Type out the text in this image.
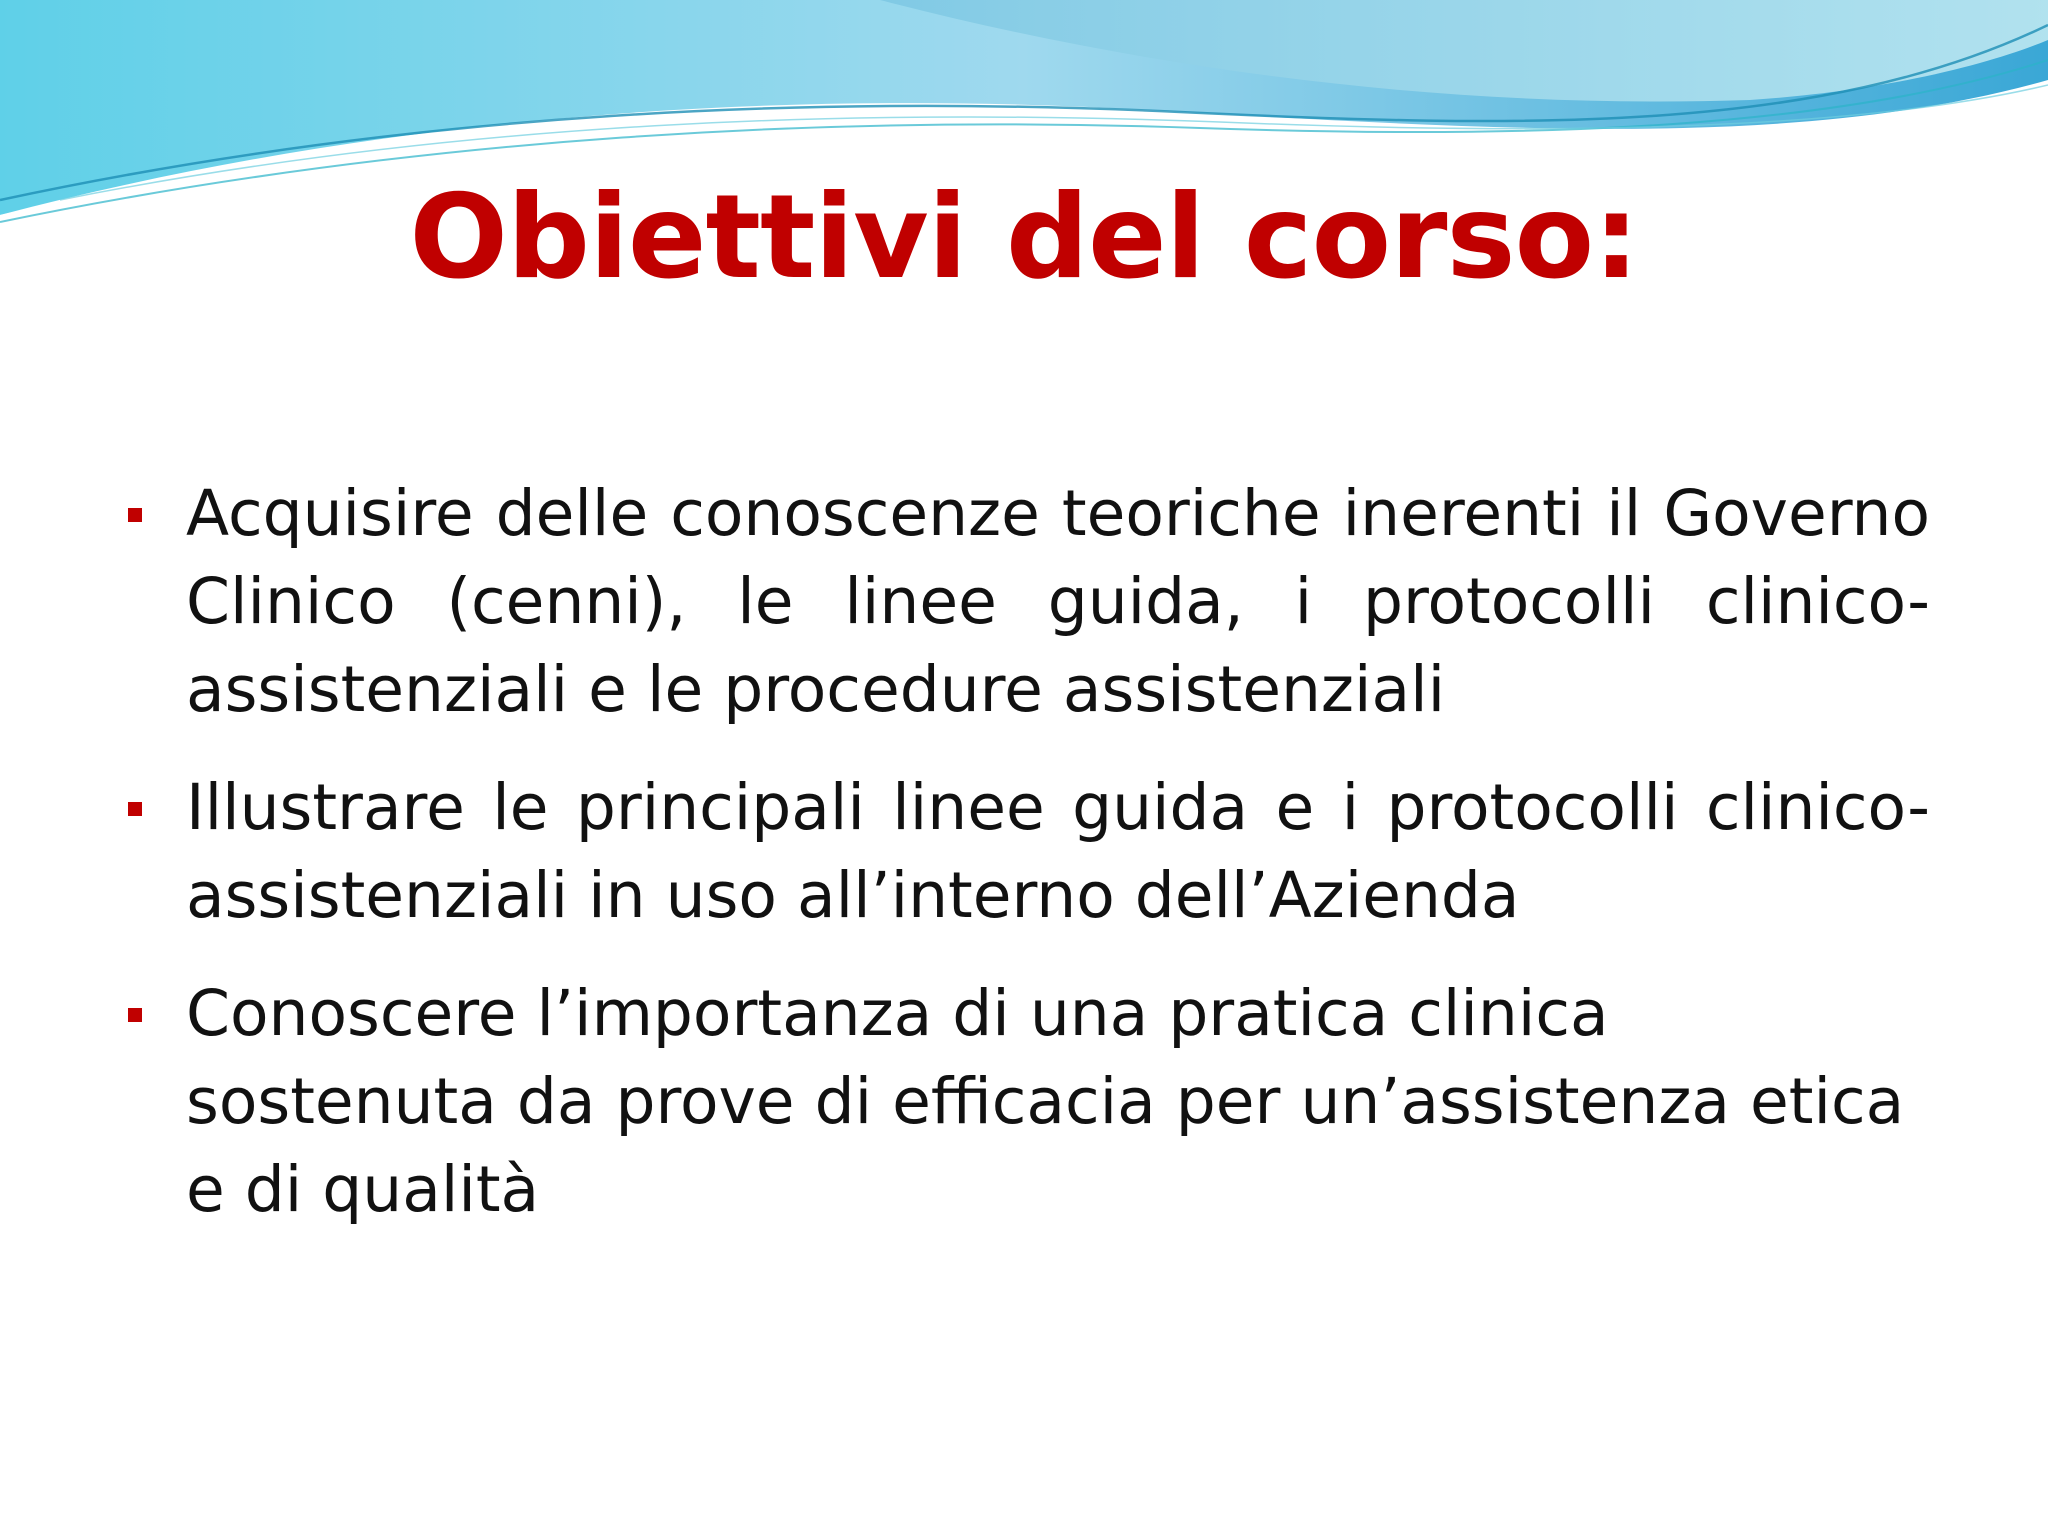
Obiettivi del corso:
Acquisire delle conoscenze teoriche inerenti il Governo Clinico (cenni), le linee guida, i protocolli clinico-assistenziali e le procedure assistenziali
Illustrare le principali linee guida e i protocolli clinico-assistenziali in uso all’interno dell’Azienda
Conoscere l’importanza di una pratica clinica sostenuta da prove di efficacia per un’assistenza etica e di qualità
